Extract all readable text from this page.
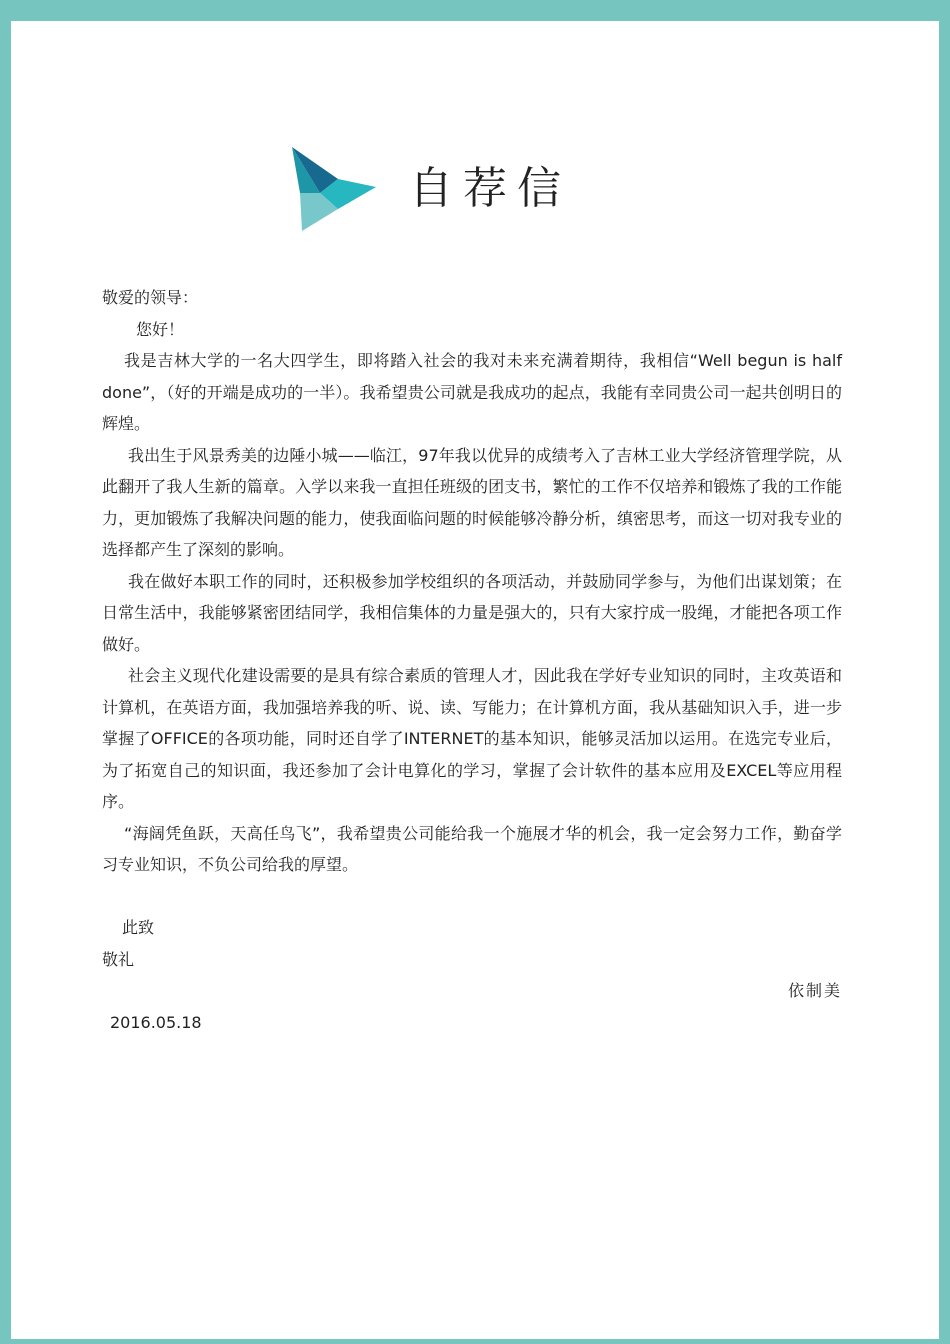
自荐信

敬爱的领导：

您好！

我是吉林大学的一名大四学生，即将踏入社会的我对未来充满着期待，我相信“Well begun is half done”，（好的开端是成功的一半）。我希望贵公司就是我成功的起点，我能有幸同贵公司一起共创明日的辉煌。

我出生于风景秀美的边陲小城——临江，97年我以优异的成绩考入了吉林工业大学经济管理学院，从此翻开了我人生新的篇章。入学以来我一直担任班级的团支书，繁忙的工作不仅培养和锻炼了我的工作能力，更加锻炼了我解决问题的能力，使我面临问题的时候能够冷静分析，缜密思考，而这一切对我专业的选择都产生了深刻的影响。

我在做好本职工作的同时，还积极参加学校组织的各项活动，并鼓励同学参与，为他们出谋划策；在日常生活中，我能够紧密团结同学，我相信集体的力量是强大的，只有大家拧成一股绳，才能把各项工作做好。

社会主义现代化建设需要的是具有综合素质的管理人才，因此我在学好专业知识的同时，主攻英语和计算机，在英语方面，我加强培养我的听、说、读、写能力；在计算机方面，我从基础知识入手，进一步掌握了OFFICE的各项功能，同时还自学了INTERNET的基本知识，能够灵活加以运用。在选完专业后，为了拓宽自己的知识面，我还参加了会计电算化的学习，掌握了会计软件的基本应用及EXCEL等应用程序。

“海阔凭鱼跃，天高任鸟飞”，我希望贵公司能给我一个施展才华的机会，我一定会努力工作，勤奋学习专业知识，不负公司给我的厚望。

此致

敬礼

依制美

2016.05.18
